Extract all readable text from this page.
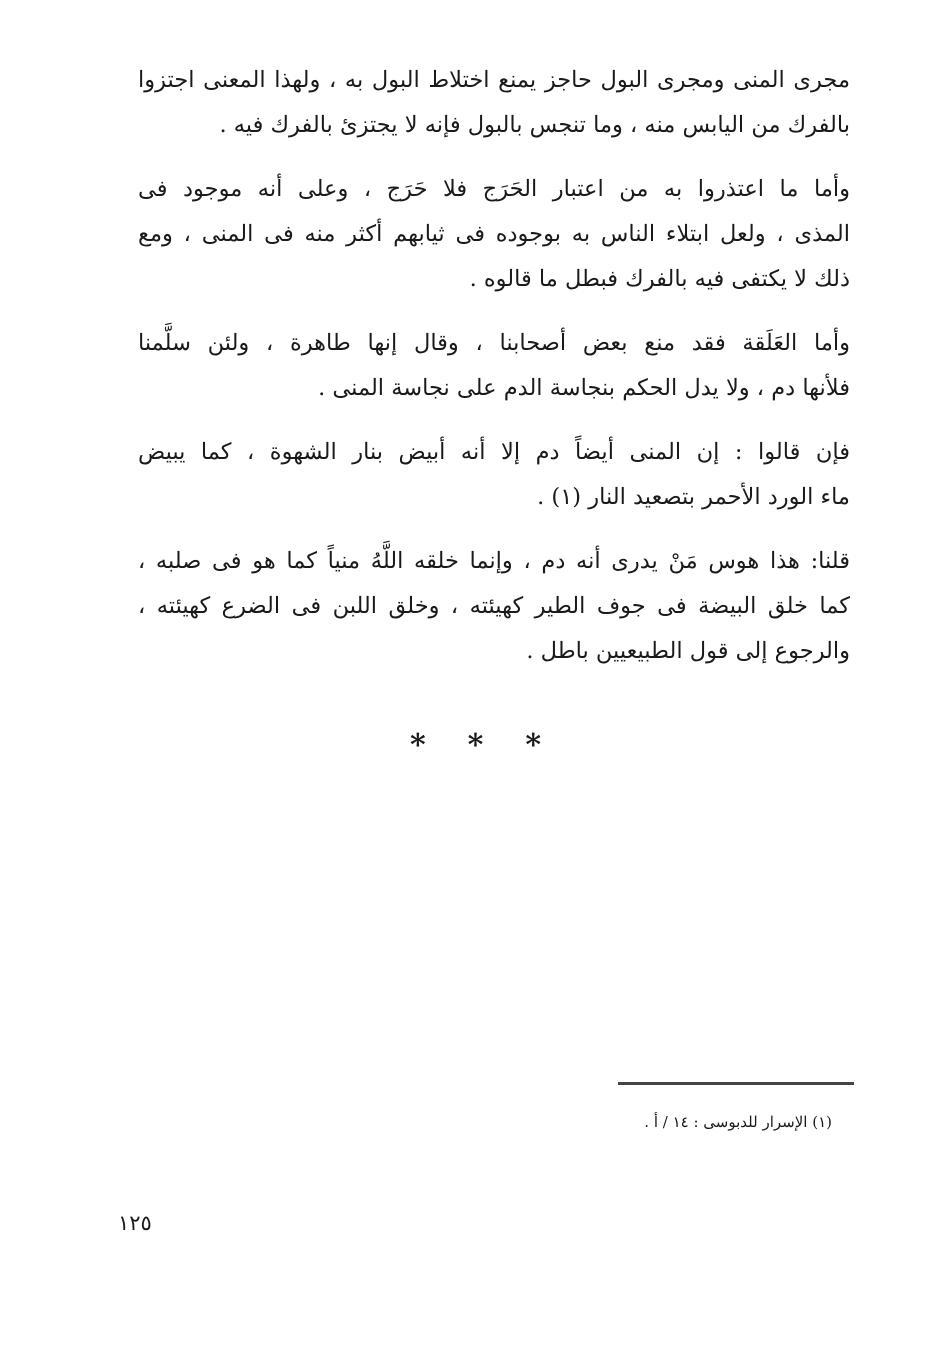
مجرى المنى ومجرى البول حاجز يمنع اختلاط البول به ، ولهذا المعنى اجتزوا
بالفرك من اليابس منه ، وما تنجس بالبول فإنه لا يجتزئ بالفرك فيه .

وأما ما اعتذروا به من اعتبار الحَرَج فلا حَرَج ، وعلى أنه موجود فى
المذى ، ولعل ابتلاء الناس به بوجوده فى ثيابهم أكثر منه فى المنى ، ومع
ذلك لا يكتفى فيه بالفرك فبطل ما قالوه .

وأما العَلَقة فقد منع بعض أصحابنا ، وقال إنها طاهرة ، ولئن سلَّمنا
فلأنها دم ، ولا يدل الحكم بنجاسة الدم على نجاسة المنى .

فإن قالوا : إن المنى أيضاً دم إلا أنه أبيض بنار الشهوة ، كما يبيض
ماء الورد الأحمر بتصعيد النار (١) .

قلنا: هذا هوس مَنْ يدرى أنه دم ، وإنما خلقه اللَّهُ منياً كما هو فى صلبه ،
كما خلق البيضة فى جوف الطير كهيئته ، وخلق اللبن فى الضرع كهيئته ،
والرجوع إلى قول الطبيعيين باطل .

***
(١) الإسرار للدبوسى : ١٤ / أ .
١٢٥
